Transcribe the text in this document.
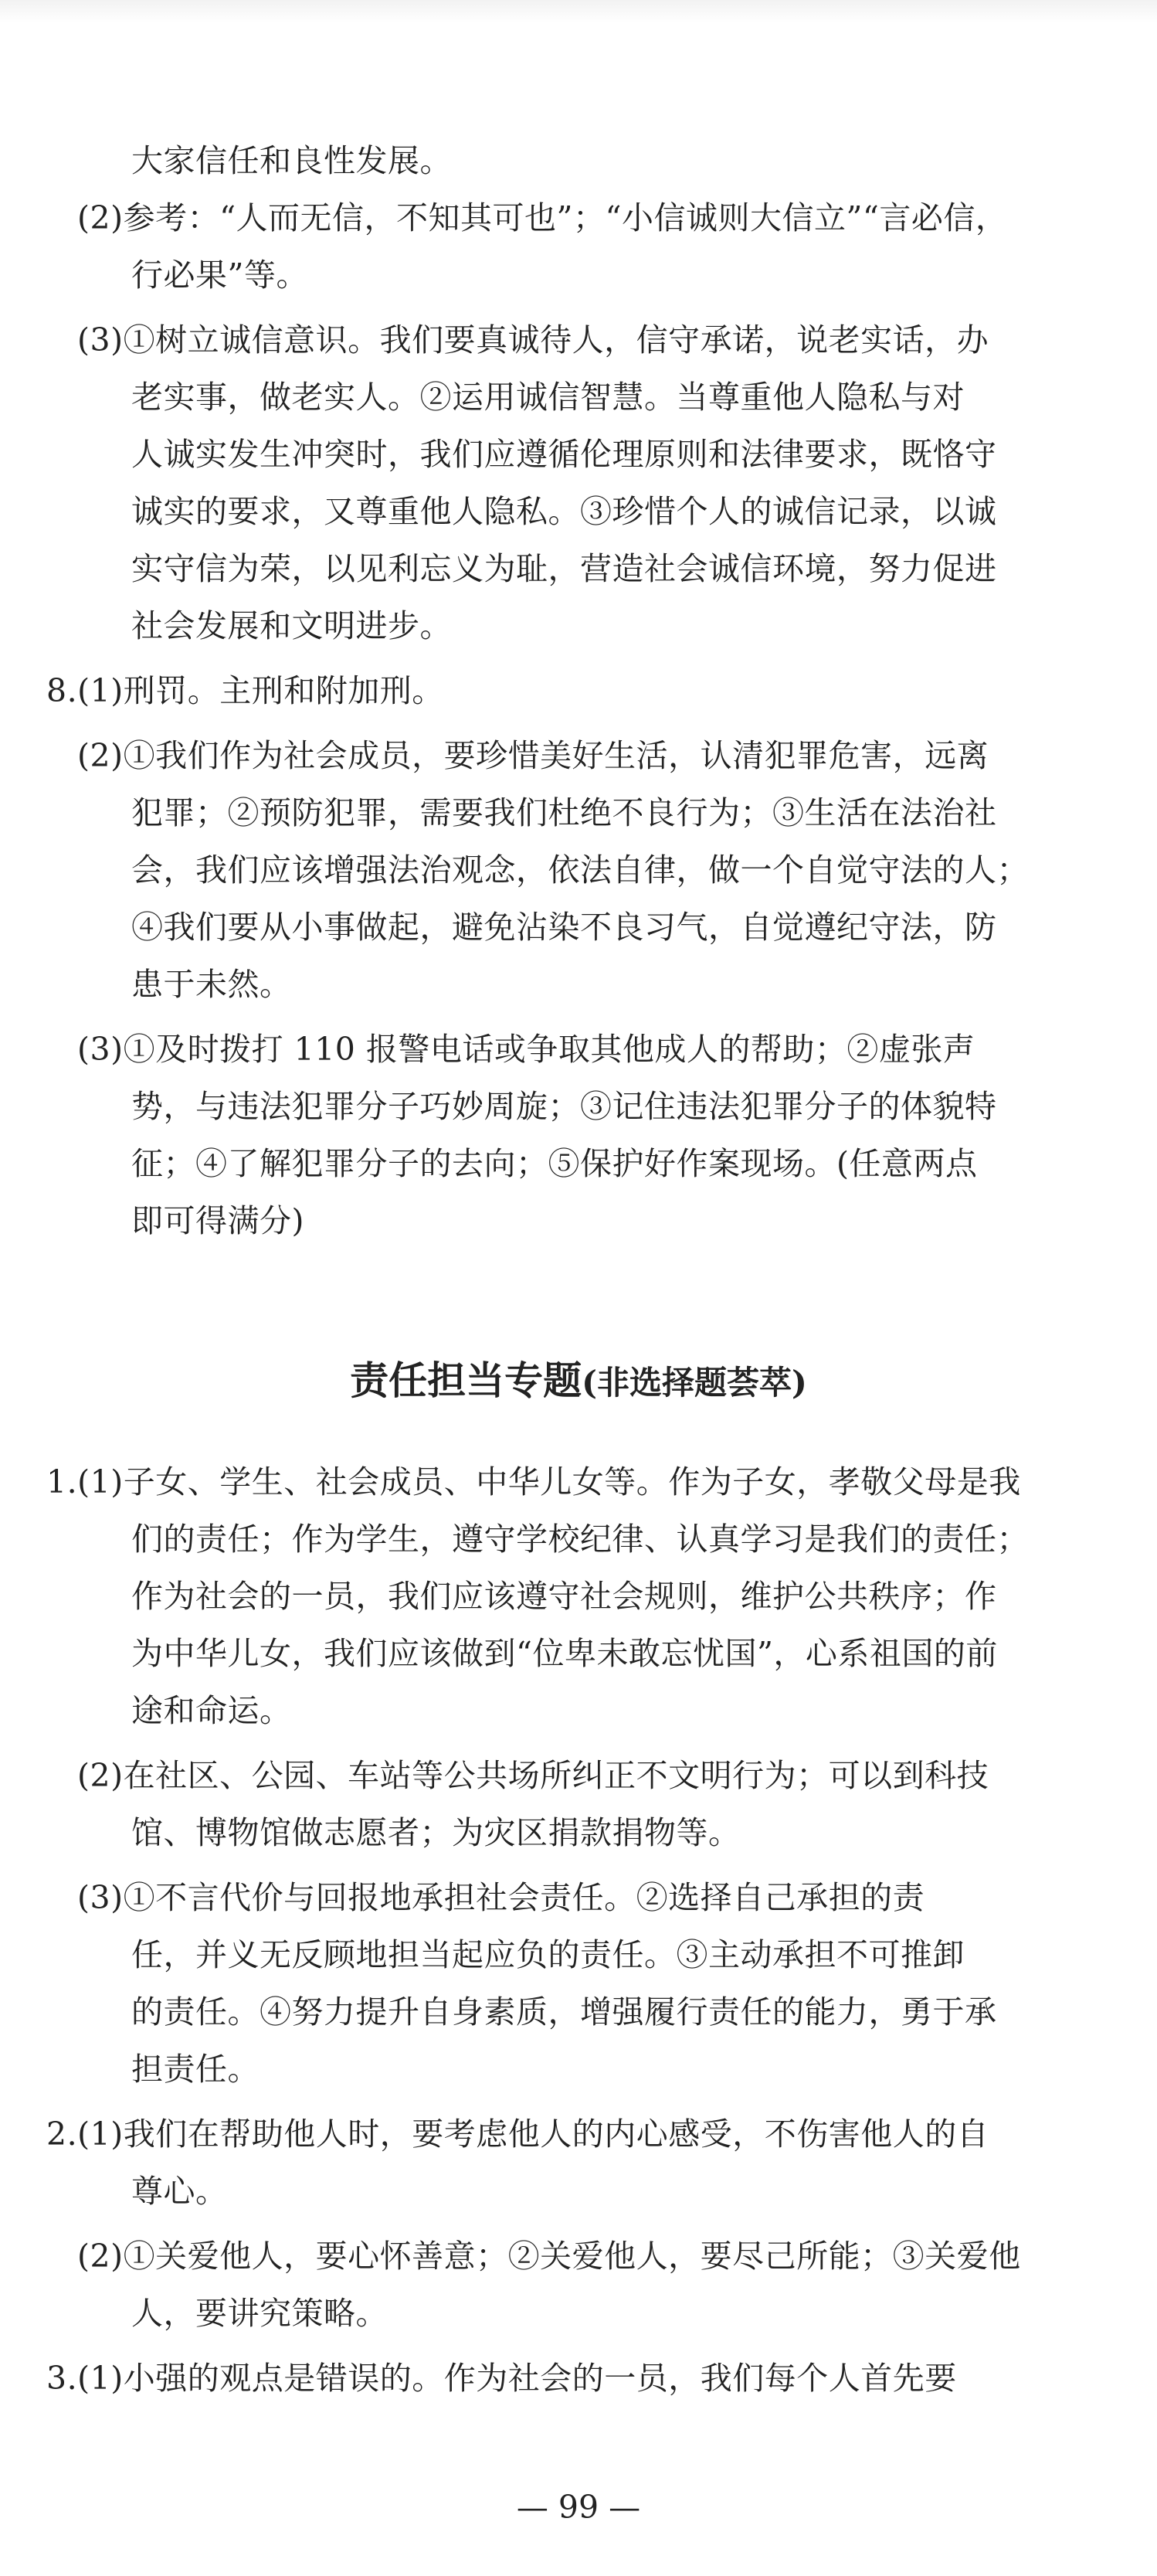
大家信任和良性发展。

(2)参考：“人而无信，不知其可也”；“小信诚则大信立”“言必信，

行必果”等。

(3)①树立诚信意识。我们要真诚待人，信守承诺，说老实话，办

老实事，做老实人。②运用诚信智慧。当尊重他人隐私与对

人诚实发生冲突时，我们应遵循伦理原则和法律要求，既恪守

诚实的要求，又尊重他人隐私。③珍惜个人的诚信记录，以诚

实守信为荣，以见利忘义为耻，营造社会诚信环境，努力促进

社会发展和文明进步。

8.(1)刑罚。主刑和附加刑。

(2)①我们作为社会成员，要珍惜美好生活，认清犯罪危害，远离

犯罪；②预防犯罪，需要我们杜绝不良行为；③生活在法治社

会，我们应该增强法治观念，依法自律，做一个自觉守法的人；

④我们要从小事做起，避免沾染不良习气，自觉遵纪守法，防

患于未然。

(3)①及时拨打 110 报警电话或争取其他成人的帮助；②虚张声

势，与违法犯罪分子巧妙周旋；③记住违法犯罪分子的体貌特

征；④了解犯罪分子的去向；⑤保护好作案现场。(任意两点

即可得满分)

责任担当专题(非选择题荟萃)

1.(1)子女、学生、社会成员、中华儿女等。作为子女，孝敬父母是我

们的责任；作为学生，遵守学校纪律、认真学习是我们的责任；

作为社会的一员，我们应该遵守社会规则，维护公共秩序；作

为中华儿女，我们应该做到“位卑未敢忘忧国”，心系祖国的前

途和命运。

(2)在社区、公园、车站等公共场所纠正不文明行为；可以到科技

馆、博物馆做志愿者；为灾区捐款捐物等。

(3)①不言代价与回报地承担社会责任。②选择自己承担的责

任，并义无反顾地担当起应负的责任。③主动承担不可推卸

的责任。④努力提升自身素质，增强履行责任的能力，勇于承

担责任。

2.(1)我们在帮助他人时，要考虑他人的内心感受，不伤害他人的自

尊心。

(2)①关爱他人，要心怀善意；②关爱他人，要尽己所能；③关爱他

人，要讲究策略。

3.(1)小强的观点是错误的。作为社会的一员，我们每个人首先要

— 99 —
